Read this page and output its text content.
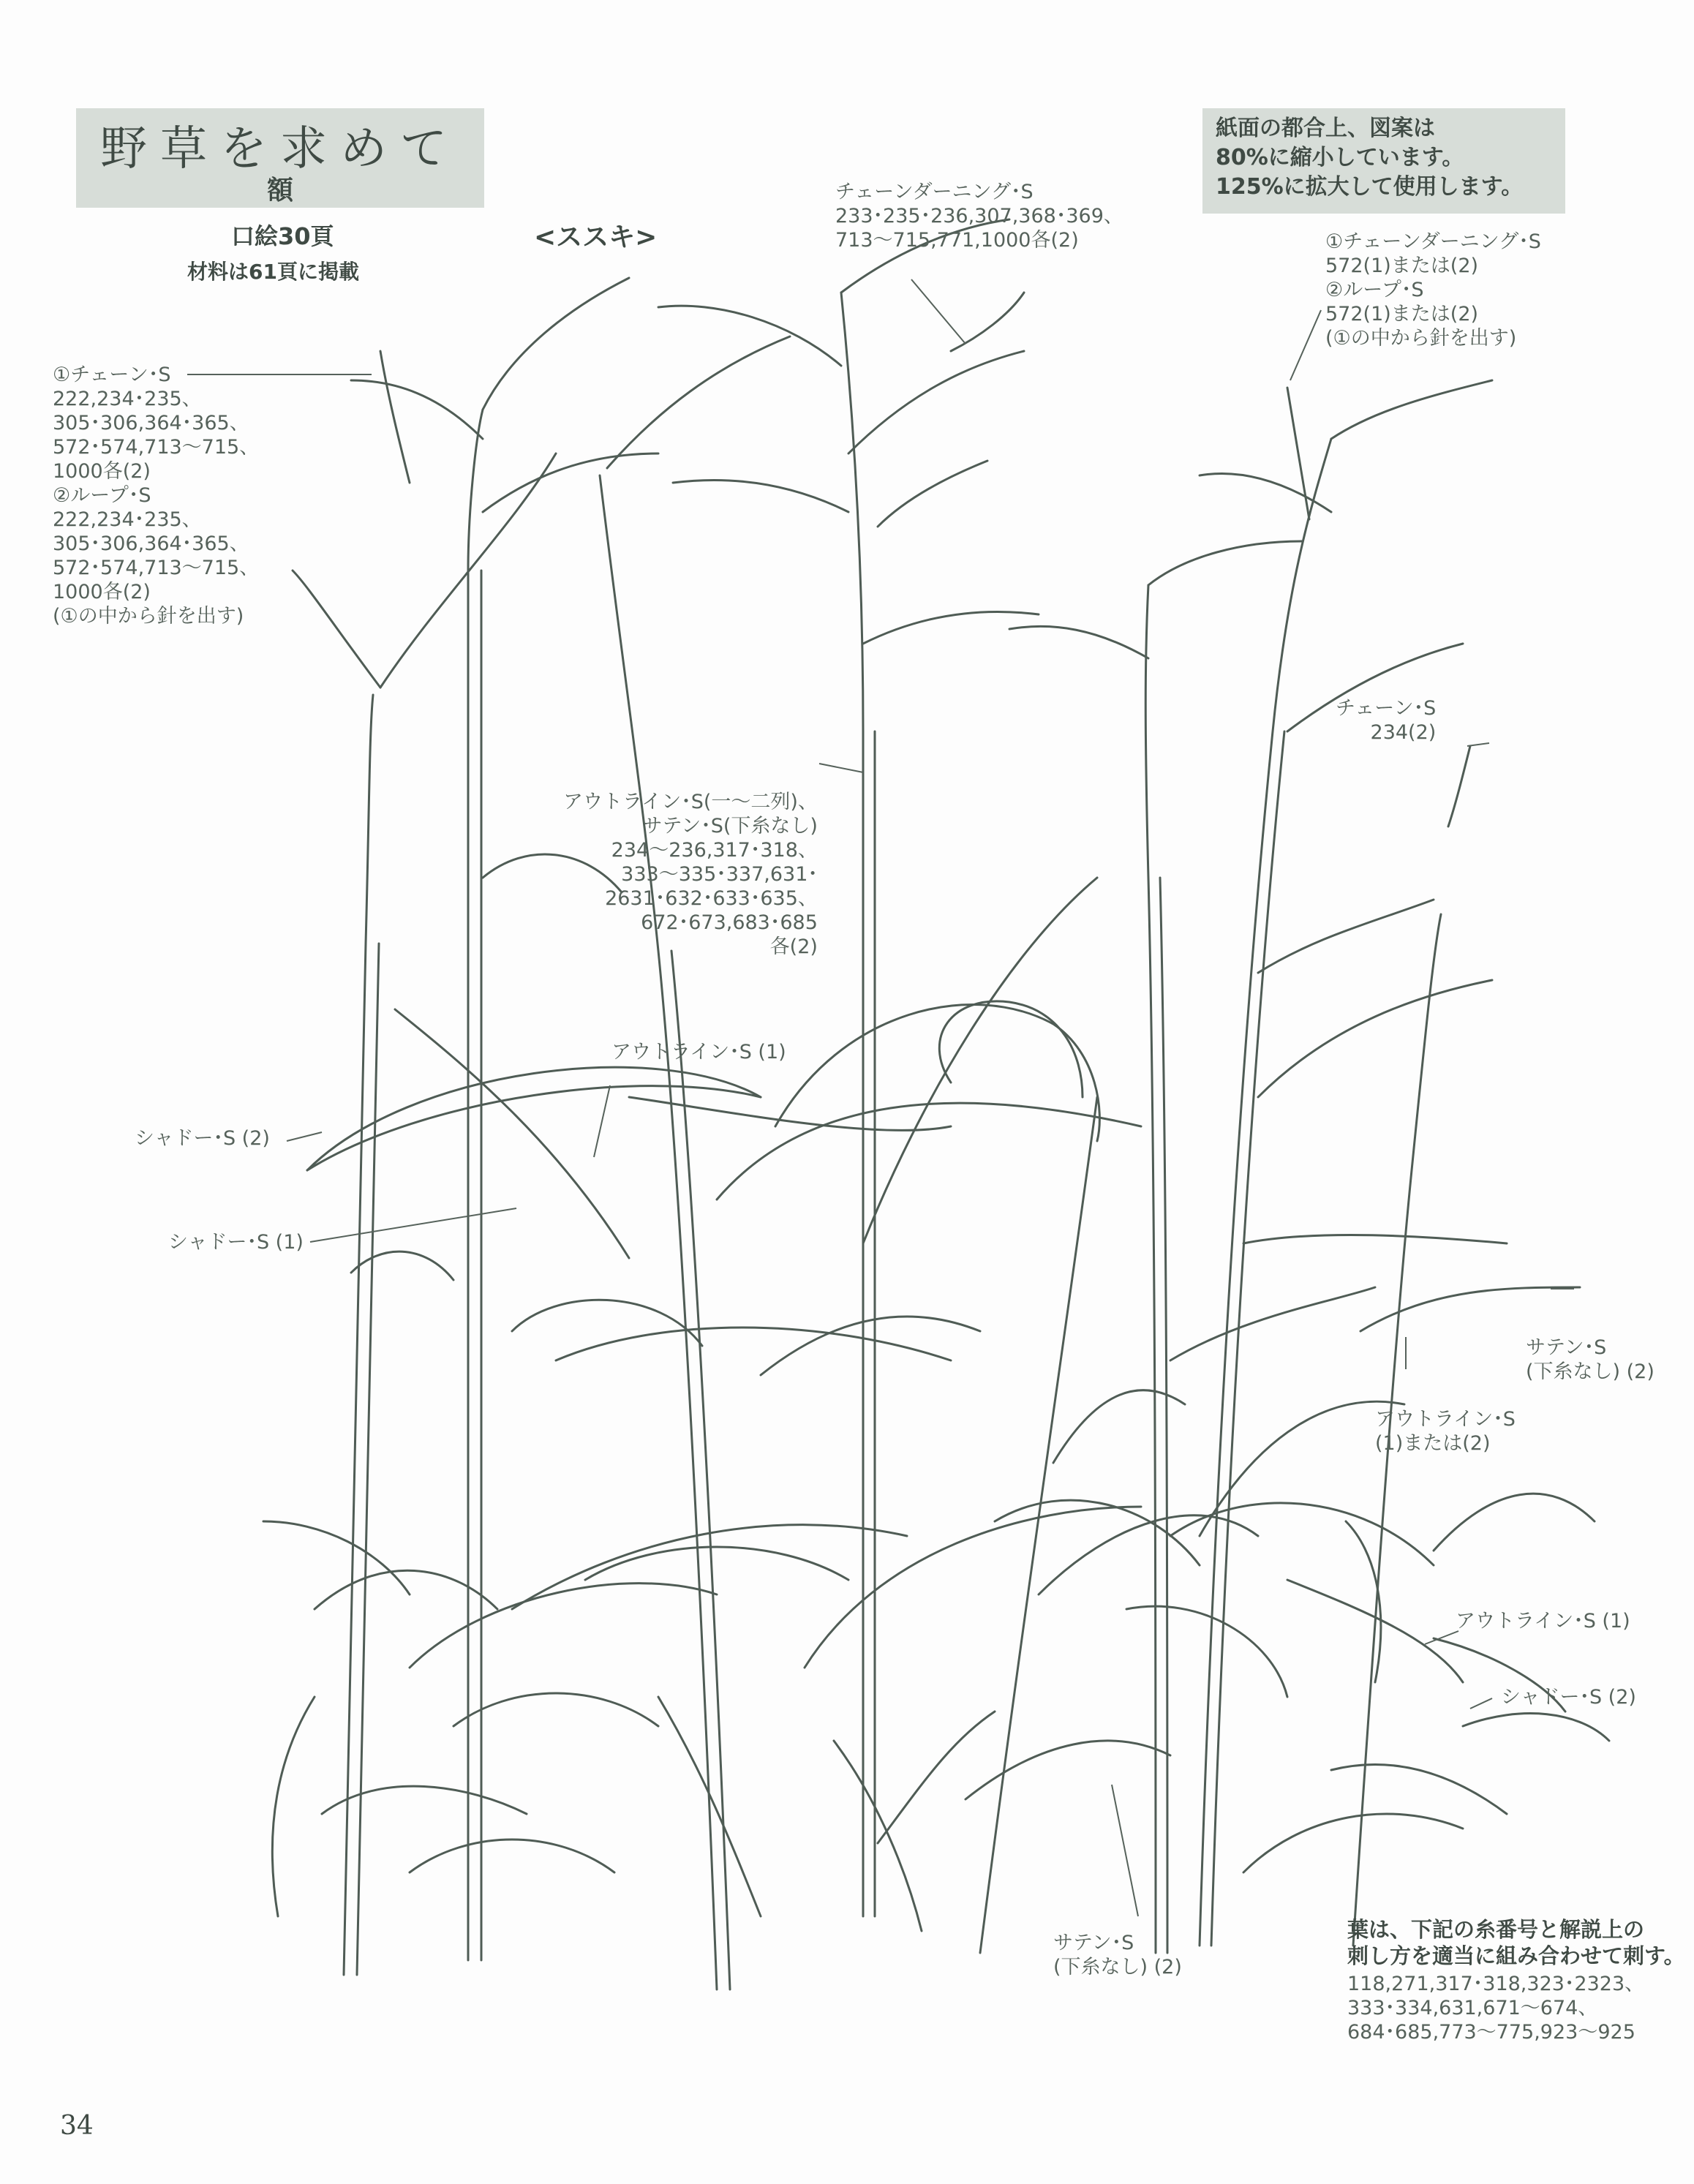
野草を求めて
額
口絵30頁
材料は61頁に掲載
<ススキ>
紙面の都合上、図案は
80%に縮小しています。
125%に拡大して使用します。
①チェーン･S
222,234･235、
305･306,364･365、
572･574,713～715、
1000各(2)
②ループ･S
222,234･235、
305･306,364･365、
572･574,713～715、
1000各(2)
(①の中から針を出す)
チェーンダーニング･S
233･235･236,307,368･369、
713～715,771,1000各(2)	①チェーンダーニング･S
572(1)または(2)
②ループ･S
572(1)または(2)
(①の中から針を出す)
チェーン･S
234(2)
アウトライン･S(一～二列)、
サテン･S(下糸なし)
234～236,317･318、
333～335･337,631･
2631･632･633･635、
672･673,683･685
各(2)
アウトライン･S (1)
シャドー･S (2)
シャドー･S (1)
サテン･S
(下糸なし) (2)
アウトライン･S
(1)または(2)
アウトライン･S (1)
シャドー･S (2)
サテン･S
(下糸なし) (2)
葉は、下記の糸番号と解説上の
刺し方を適当に組み合わせて刺す。
118,271,317･318,323･2323、
333･334,631,671～674、
684･685,773～775,923～925
34
